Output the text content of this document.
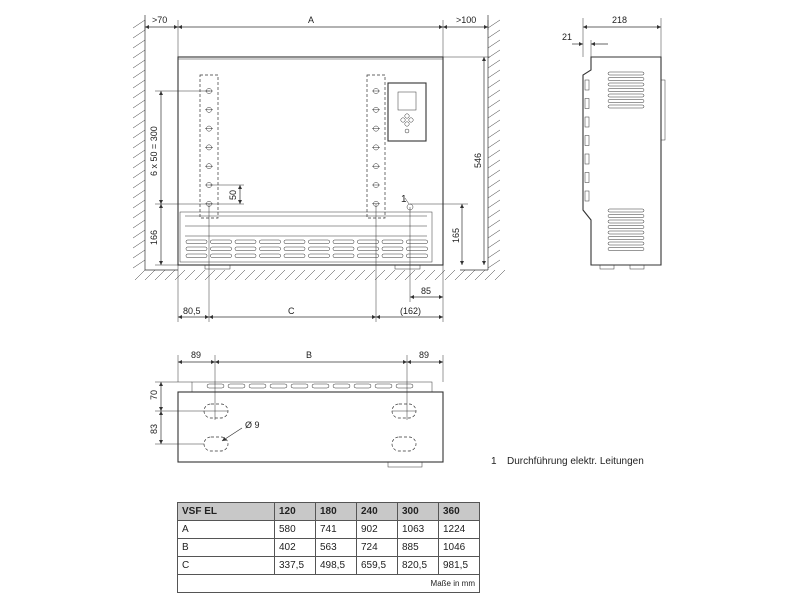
1
>70	A	>100
546
165
85
6 x 50 = 300
166
50
80,5	C	(162)
218
21
89	B	89
70
83	Ø 9
1 Durchführung elektr. Leitungen
VSF EL	120	180	240	300	360
A	580	741	902	1063	1224
B	402	563	724	885	1046
C	337,5	498,5	659,5	820,5	981,5
Maße in mm					
